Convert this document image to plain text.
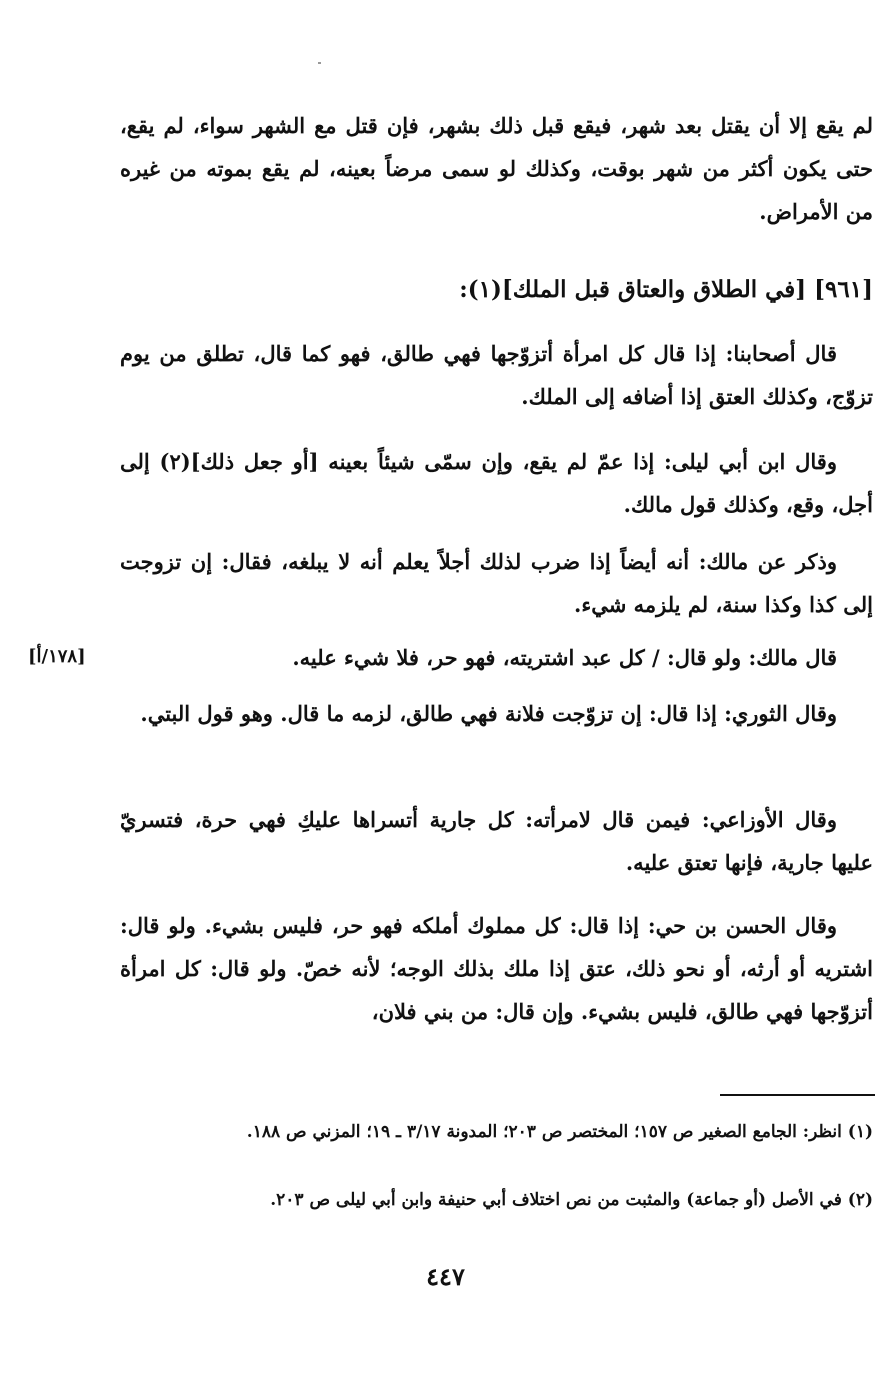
لم يقع إلا أن يقتل بعد شهر، فيقع قبل ذلك بشهر، فإن قتل مع الشهر سواء، لم يقع، حتى يكون أكثر من شهر بوقت، وكذلك لو سمى مرضاً بعينه، لم يقع بموته من غيره من الأمراض.
[٩٦١] [في الطلاق والعتاق قبل الملك](١):
قال أصحابنا: إذا قال كل امرأة أتزوّجها فهي طالق، فهو كما قال، تطلق من يوم تزوّج، وكذلك العتق إذا أضافه إلى الملك.
وقال ابن أبي ليلى: إذا عمّ لم يقع، وإن سمّى شيئاً بعينه [أو جعل ذلك](٢) إلى أجل، وقع، وكذلك قول مالك.
وذكر عن مالك: أنه أيضاً إذا ضرب لذلك أجلاً يعلم أنه لا يبلغه، فقال: إن تزوجت إلى كذا وكذا سنة، لم يلزمه شيء.
قال مالك: ولو قال: / كل عبد اشتريته، فهو حر، فلا شيء عليه.
[١٧٨/أ]
وقال الثوري: إذا قال: إن تزوّجت فلانة فهي طالق، لزمه ما قال. وهو قول البتي.
وقال الأوزاعي: فيمن قال لامرأته: كل جارية أتسراها عليكِ فهي حرة، فتسريّ عليها جارية، فإنها تعتق عليه.
وقال الحسن بن حي: إذا قال: كل مملوك أملكه فهو حر، فليس بشيء. ولو قال: اشتريه أو أرثه، أو نحو ذلك، عتق إذا ملك بذلك الوجه؛ لأنه خصّ. ولو قال: كل امرأة أتزوّجها فهي طالق، فليس بشيء. وإن قال: من بني فلان،
(١) انظر: الجامع الصغير ص ١٥٧؛ المختصر ص ٢٠٣؛ المدونة ٣/١٧ ـ ١٩؛ المزني ص ١٨٨.
(٢) في الأصل (أو جماعة) والمثبت من نص اختلاف أبي حنيفة وابن أبي ليلى ص ٢٠٣.
٤٤٧
